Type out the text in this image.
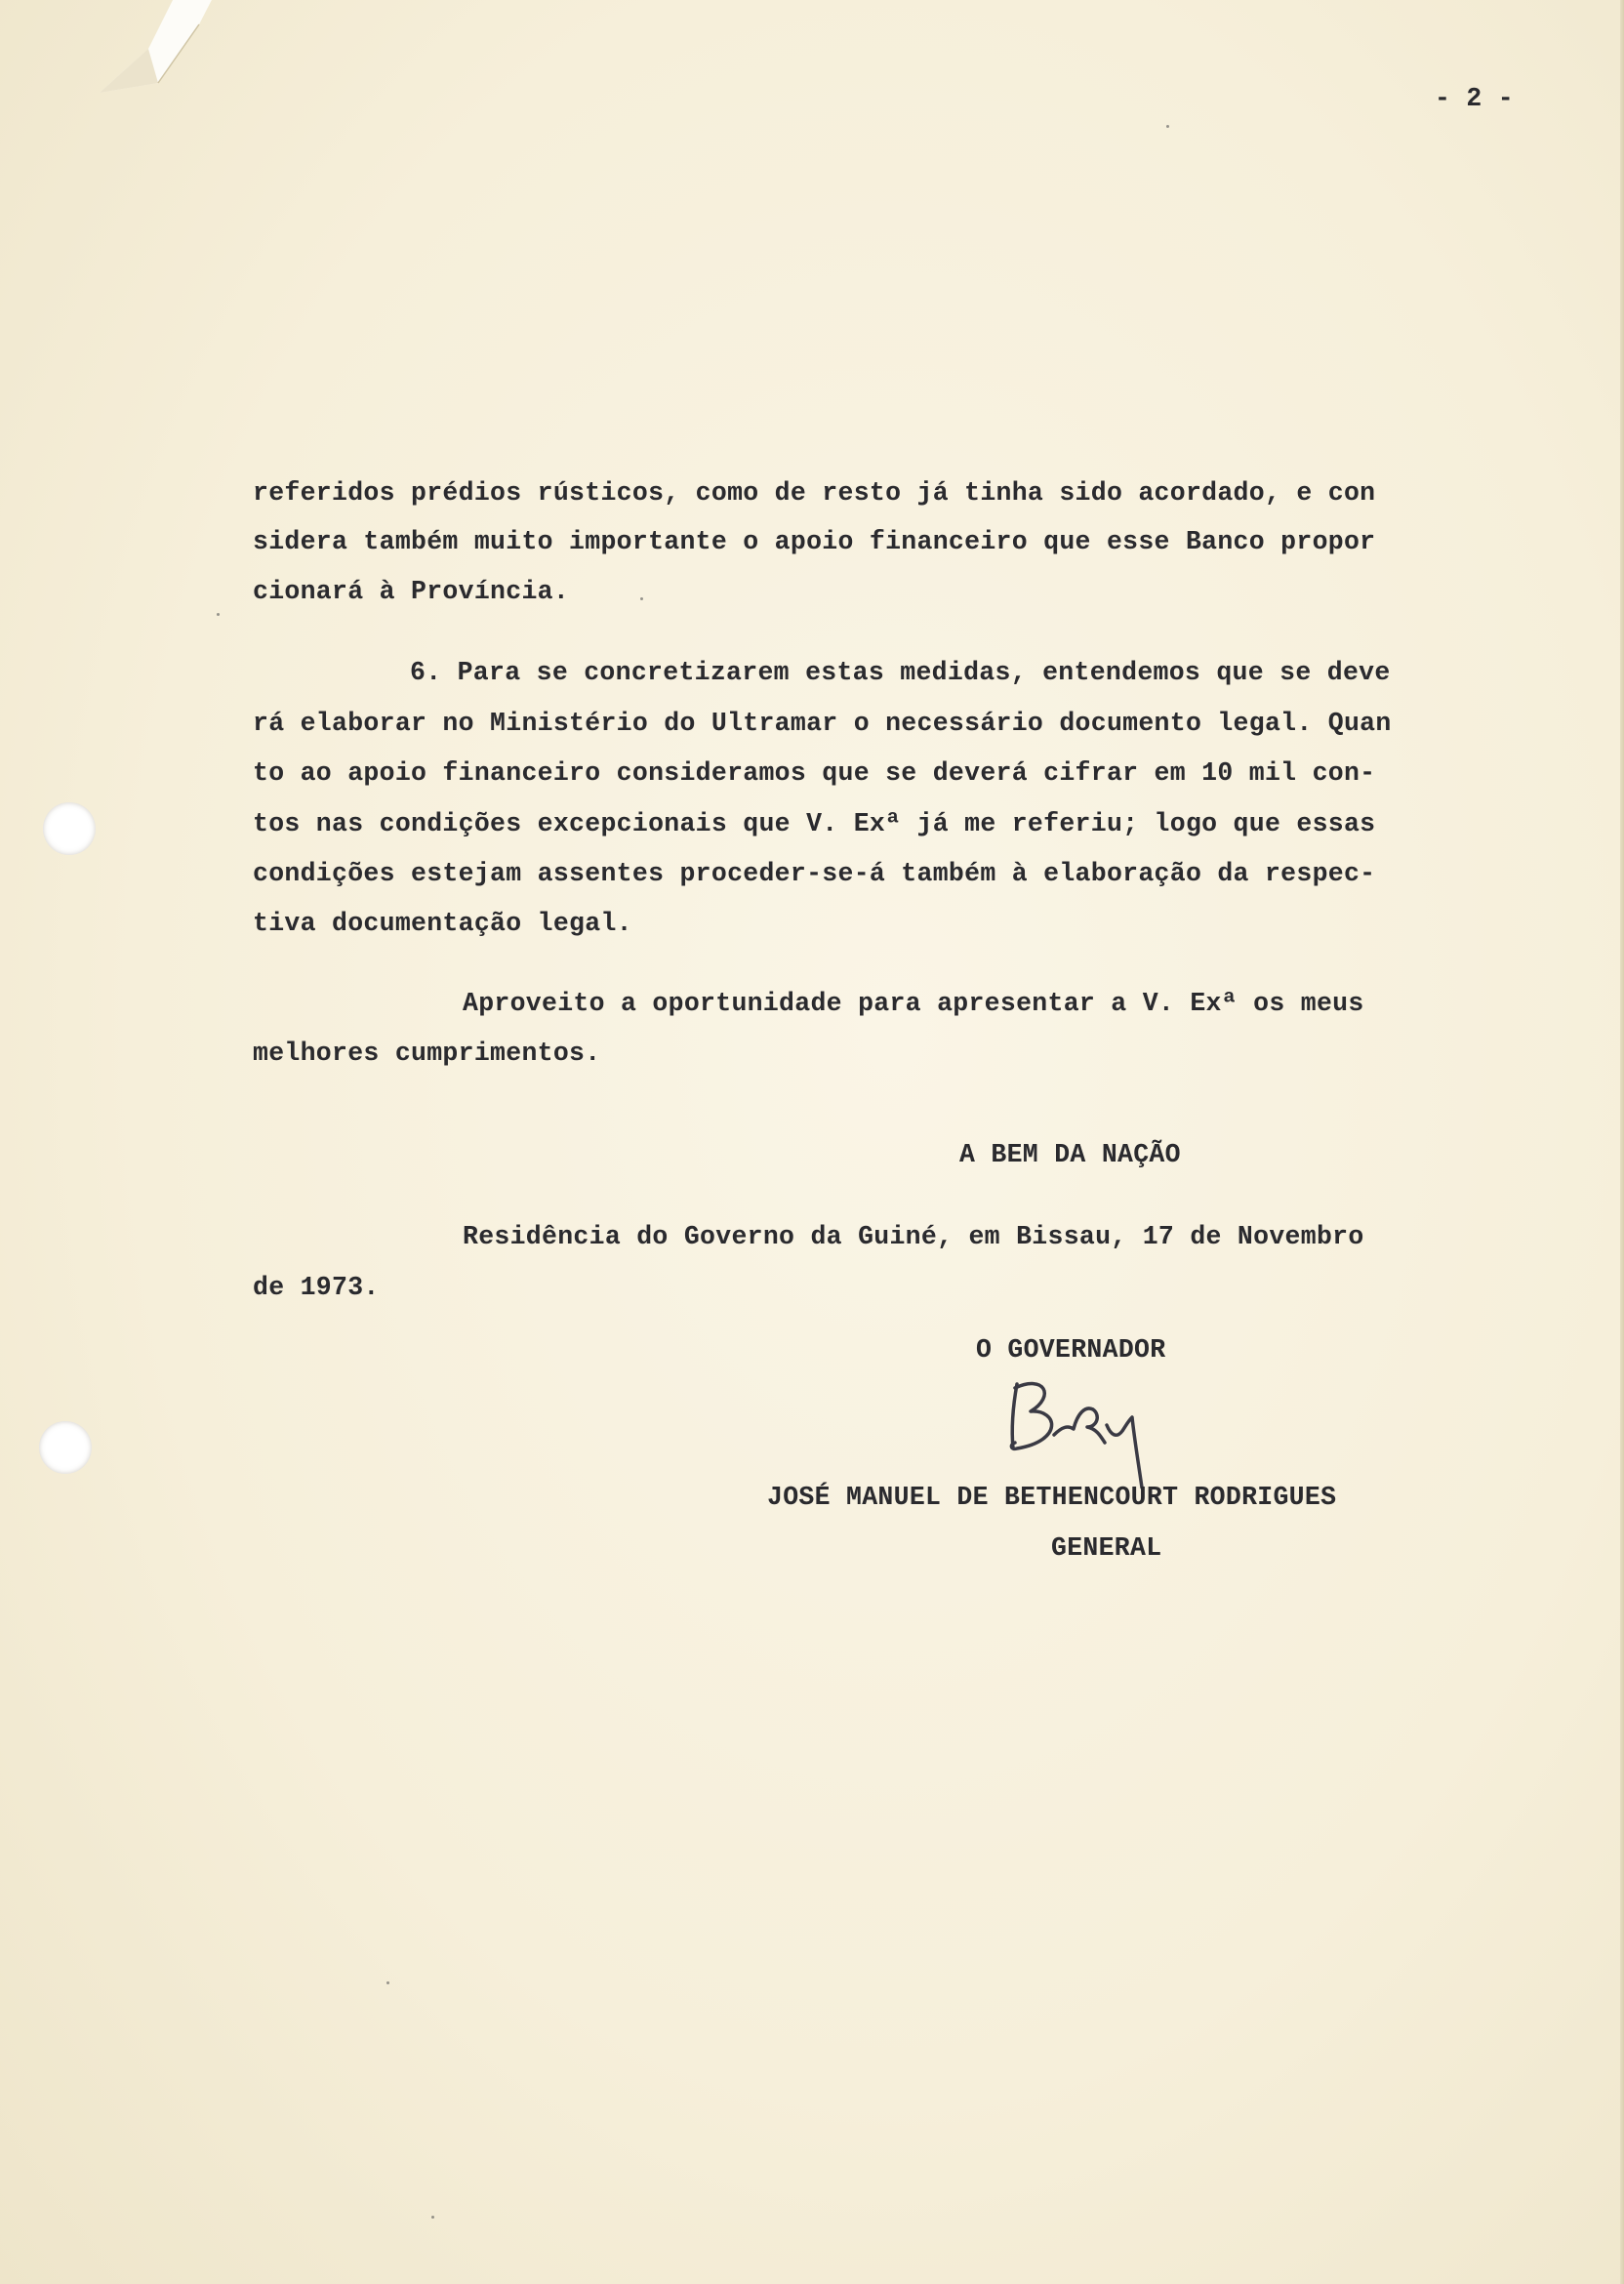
- 2 -
referidos prédios rústicos, como de resto já tinha sido acordado, e con
sidera também muito importante o apoio financeiro que esse Banco propor
cionará à Província.
6. Para se concretizarem estas medidas, entendemos que se deve
rá elaborar no Ministério do Ultramar o necessário documento legal. Quan
to ao apoio financeiro consideramos que se deverá cifrar em 10 mil con-
tos nas condições excepcionais que V. Exª já me referiu; logo que essas
condições estejam assentes proceder-se-á também à elaboração da respec-
tiva documentação legal.
Aproveito a oportunidade para apresentar a V. Exª os meus
melhores cumprimentos.
A BEM DA NAÇÃO
Residência do Governo da Guiné, em Bissau, 17 de Novembro
de 1973.
O GOVERNADOR
JOSÉ MANUEL DE BETHENCOURT RODRIGUES
GENERAL
